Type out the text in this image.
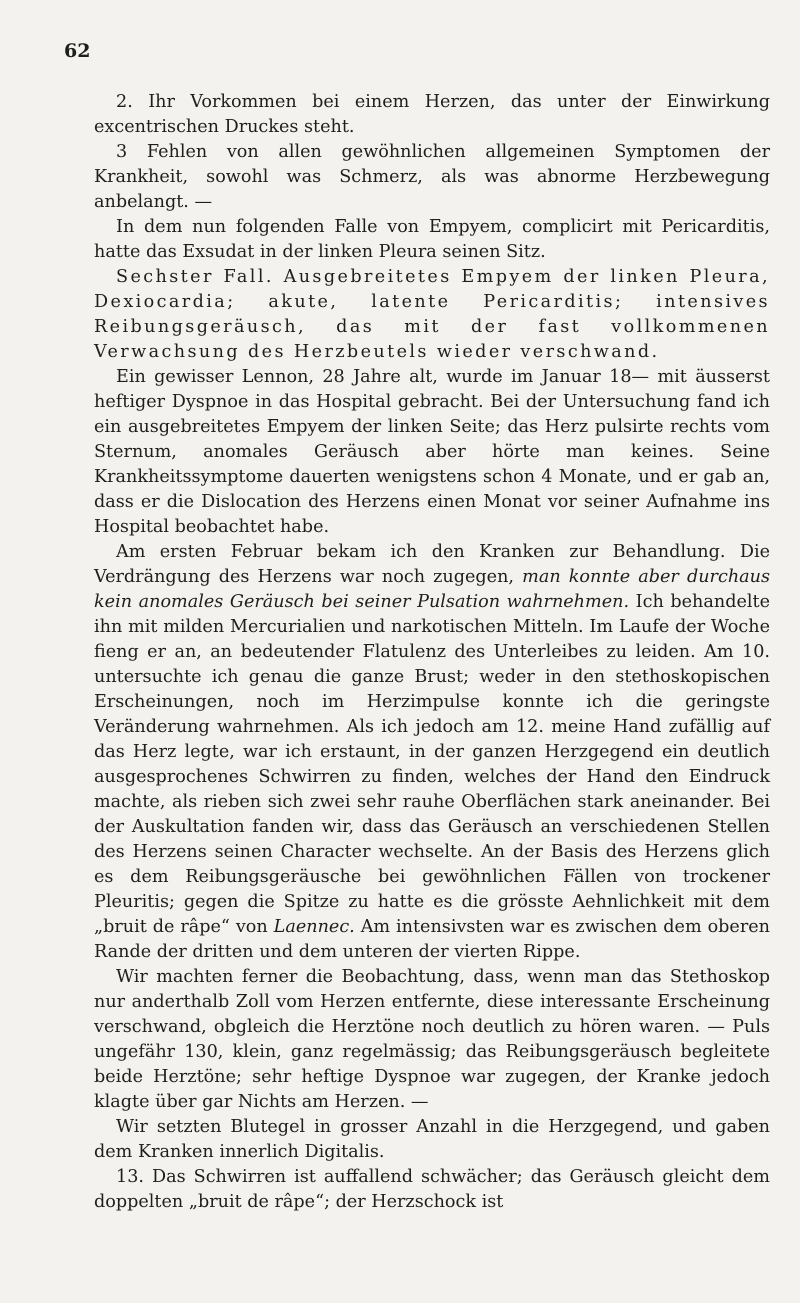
62

2. Ihr Vorkommen bei einem Herzen, das unter der Einwirkung excentrischen Druckes steht.

3 Fehlen von allen gewöhnlichen allgemeinen Symptomen der Krankheit, sowohl was Schmerz, als was abnorme Herzbewegung anbelangt. —

In dem nun folgenden Falle von Empyem, complicirt mit Pericarditis, hatte das Exsudat in der linken Pleura seinen Sitz.

Sechster Fall. Ausgebreitetes Empyem der linken Pleura, Dexiocardia; akute, latente Pericarditis; intensives Reibungsgeräusch, das mit der fast vollkommenen Verwachsung des Herzbeutels wieder verschwand.

Ein gewisser Lennon, 28 Jahre alt, wurde im Januar 18— mit äusserst heftiger Dyspnoe in das Hospital gebracht. Bei der Untersuchung fand ich ein ausgebreitetes Empyem der linken Seite; das Herz pulsirte rechts vom Sternum, anomales Geräusch aber hörte man keines. Seine Krankheitssymptome dauerten wenigstens schon 4 Monate, und er gab an, dass er die Dislocation des Herzens einen Monat vor seiner Aufnahme ins Hospital beobachtet habe.

Am ersten Februar bekam ich den Kranken zur Behandlung. Die Verdrängung des Herzens war noch zugegen, man konnte aber durchaus kein anomales Geräusch bei seiner Pulsation wahrnehmen. Ich behandelte ihn mit milden Mercurialien und narkotischen Mitteln. Im Laufe der Woche fieng er an, an bedeutender Flatulenz des Unterleibes zu leiden. Am 10. untersuchte ich genau die ganze Brust; weder in den stethoskopischen Erscheinungen, noch im Herzimpulse konnte ich die geringste Veränderung wahrnehmen. Als ich jedoch am 12. meine Hand zufällig auf das Herz legte, war ich erstaunt, in der ganzen Herzgegend ein deutlich ausgesprochenes Schwirren zu finden, welches der Hand den Eindruck machte, als rieben sich zwei sehr rauhe Oberflächen stark aneinander. Bei der Auskultation fanden wir, dass das Geräusch an verschiedenen Stellen des Herzens seinen Character wechselte. An der Basis des Herzens glich es dem Reibungsgeräusche bei gewöhnlichen Fällen von trockener Pleuritis; gegen die Spitze zu hatte es die grösste Aehnlichkeit mit dem „bruit de râpe“ von Laennec. Am intensivsten war es zwischen dem oberen Rande der dritten und dem unteren der vierten Rippe.

Wir machten ferner die Beobachtung, dass, wenn man das Stethoskop nur anderthalb Zoll vom Herzen entfernte, diese interessante Erscheinung verschwand, obgleich die Herztöne noch deutlich zu hören waren. — Puls ungefähr 130, klein, ganz regelmässig; das Reibungsgeräusch begleitete beide Herztöne; sehr heftige Dyspnoe war zugegen, der Kranke jedoch klagte über gar Nichts am Herzen. —

Wir setzten Blutegel in grosser Anzahl in die Herzgegend, und gaben dem Kranken innerlich Digitalis.

13. Das Schwirren ist auffallend schwächer; das Geräusch gleicht dem doppelten „bruit de râpe“; der Herzschock ist
